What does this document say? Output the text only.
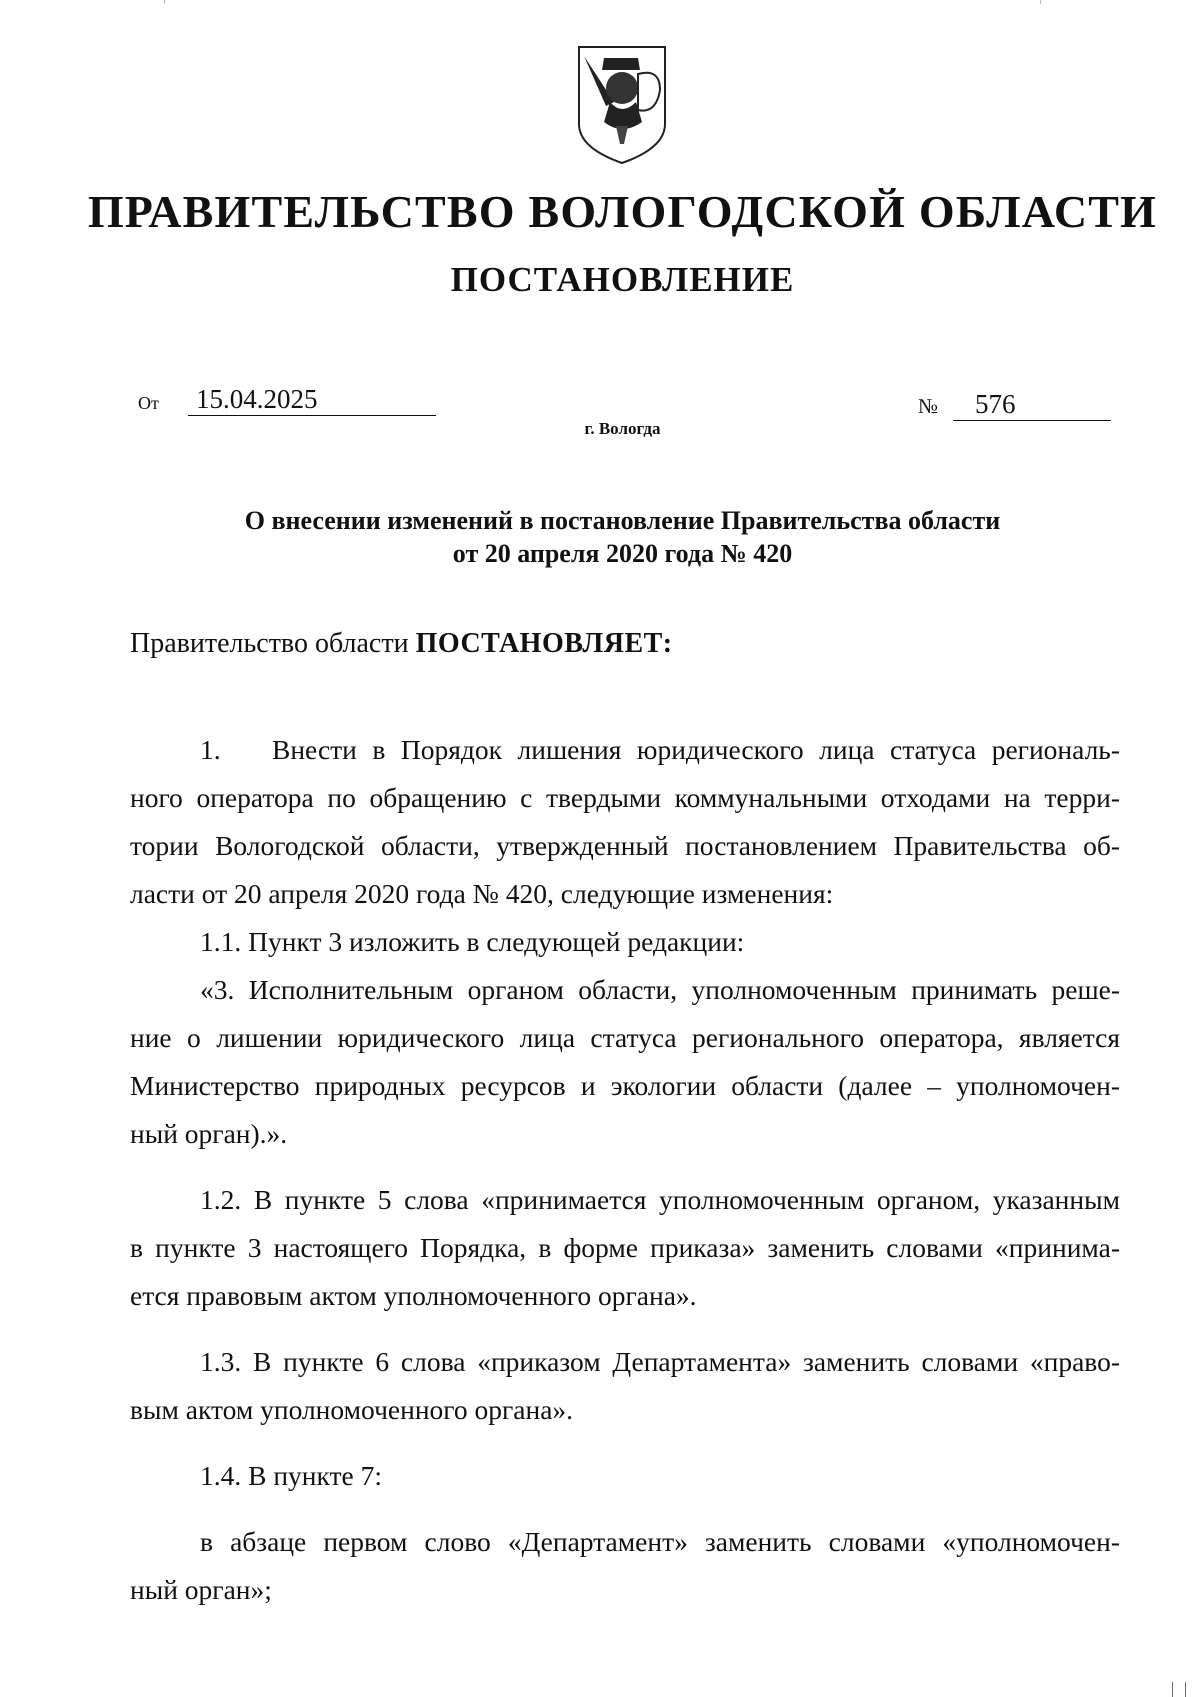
ПРАВИТЕЛЬСТВО ВОЛОГОДСКОЙ ОБЛАСТИ
ПОСТАНОВЛЕНИЕ
От 15.04.2025	№	576
г. Вологда
О внесении изменений в постановление Правительства области
от 20 апреля 2020 года № 420
Правительство области ПОСТАНОВЛЯЕТ:
1. Внести в Порядок лишения юридического лица статуса региональ-
ного оператора по обращению с твердыми коммунальными отходами на терри-
тории Вологодской области, утвержденный постановлением Правительства об-
ласти от 20 апреля 2020 года № 420, следующие изменения:
1.1. Пункт 3 изложить в следующей редакции:
«3. Исполнительным органом области, уполномоченным принимать реше-
ние о лишении юридического лица статуса регионального оператора, является
Министерство природных ресурсов и экологии области (далее – уполномочен-
ный орган).».
1.2. В пункте 5 слова «принимается уполномоченным органом, указанным
в пункте 3 настоящего Порядка, в форме приказа» заменить словами «принима-
ется правовым актом уполномоченного органа».
1.3. В пункте 6 слова «приказом Департамента» заменить словами «право-
вым актом уполномоченного органа».
1.4. В пункте 7:
в абзаце первом слово «Департамент» заменить словами «уполномочен-
ный орган»;
